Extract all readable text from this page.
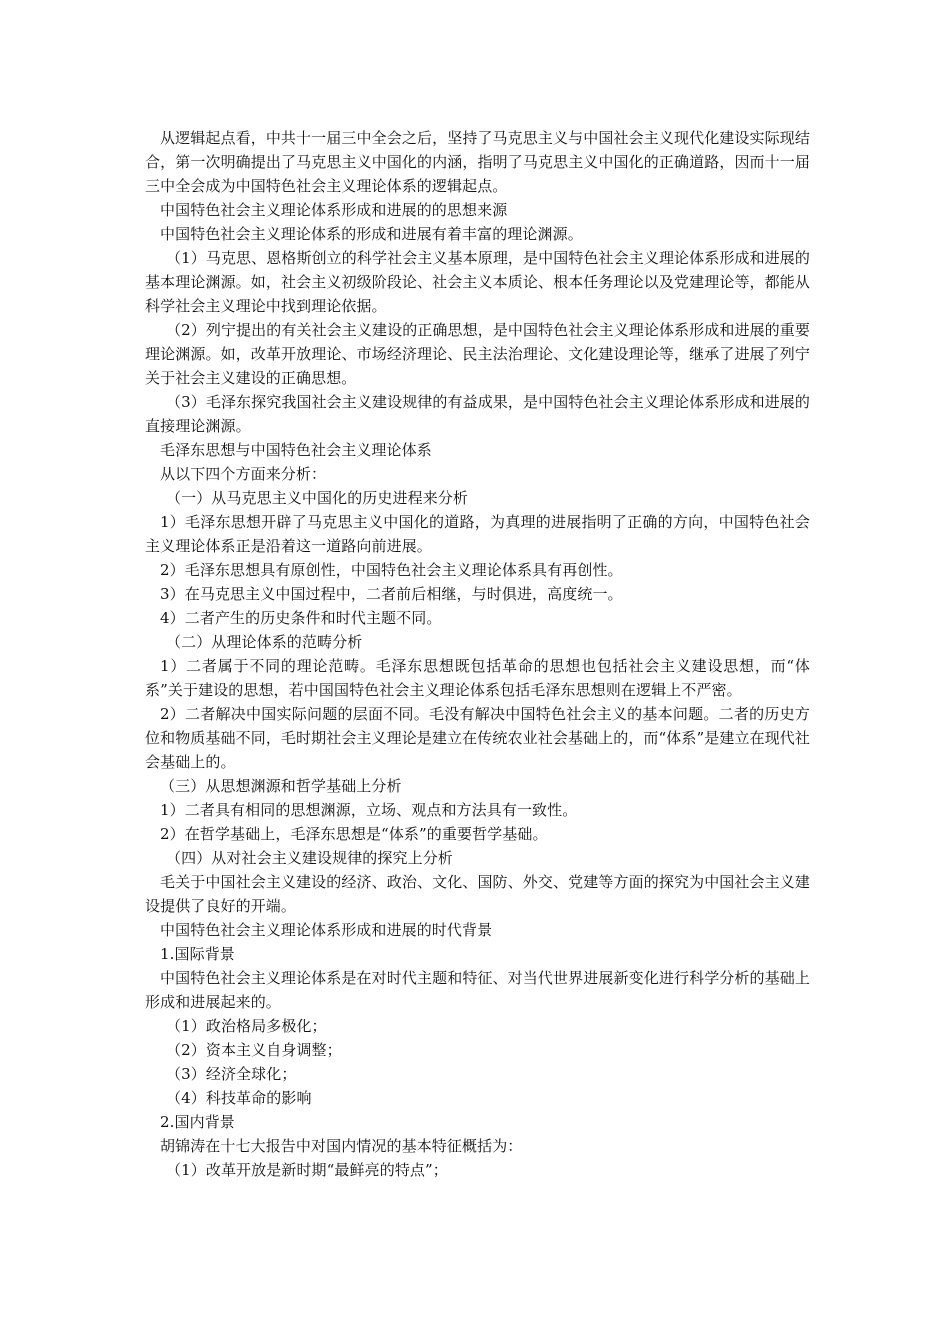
从逻辑起点看，中共十一届三中全会之后，坚持了马克思主义与中国社会主义现代化建设实际现结合，第一次明确提出了马克思主义中国化的内涵，指明了马克思主义中国化的正确道路，因而十一届三中全会成为中国特色社会主义理论体系的逻辑起点。

中国特色社会主义理论体系形成和进展的的思想来源

中国特色社会主义理论体系的形成和进展有着丰富的理论渊源。

（1）马克思、恩格斯创立的科学社会主义基本原理，是中国特色社会主义理论体系形成和进展的基本理论渊源。如，社会主义初级阶段论、社会主义本质论、根本任务理论以及党建理论等，都能从科学社会主义理论中找到理论依据。

（2）列宁提出的有关社会主义建设的正确思想，是中国特色社会主义理论体系形成和进展的重要理论渊源。如，改革开放理论、市场经济理论、民主法治理论、文化建设理论等，继承了进展了列宁关于社会主义建设的正确思想。

（3）毛泽东探究我国社会主义建设规律的有益成果，是中国特色社会主义理论体系形成和进展的直接理论渊源。

毛泽东思想与中国特色社会主义理论体系

从以下四个方面来分析：

（一）从马克思主义中国化的历史进程来分析

1）毛泽东思想开辟了马克思主义中国化的道路，为真理的进展指明了正确的方向，中国特色社会主义理论体系正是沿着这一道路向前进展。

2）毛泽东思想具有原创性，中国特色社会主义理论体系具有再创性。

3）在马克思主义中国过程中，二者前后相继，与时俱进，高度统一。

4）二者产生的历史条件和时代主题不同。

（二）从理论体系的范畴分析

1）二者属于不同的理论范畴。毛泽东思想既包括革命的思想也包括社会主义建设思想，而“体系”关于建设的思想，若中国国特色社会主义理论体系包括毛泽东思想则在逻辑上不严密。

2）二者解决中国实际问题的层面不同。毛没有解决中国特色社会主义的基本问题。二者的历史方位和物质基础不同，毛时期社会主义理论是建立在传统农业社会基础上的，而“体系”是建立在现代社会基础上的。

（三）从思想渊源和哲学基础上分析

1）二者具有相同的思想渊源，立场、观点和方法具有一致性。

2）在哲学基础上，毛泽东思想是“体系”的重要哲学基础。

（四）从对社会主义建设规律的探究上分析

毛关于中国社会主义建设的经济、政治、文化、国防、外交、党建等方面的探究为中国社会主义建设提供了良好的开端。

中国特色社会主义理论体系形成和进展的时代背景

1.国际背景

中国特色社会主义理论体系是在对时代主题和特征、对当代世界进展新变化进行科学分析的基础上形成和进展起来的。

（1）政治格局多极化；

（2）资本主义自身调整；

（3）经济全球化；

（4）科技革命的影响

2.国内背景

胡锦涛在十七大报告中对国内情况的基本特征概括为：

（1）改革开放是新时期“最鲜亮的特点”；
